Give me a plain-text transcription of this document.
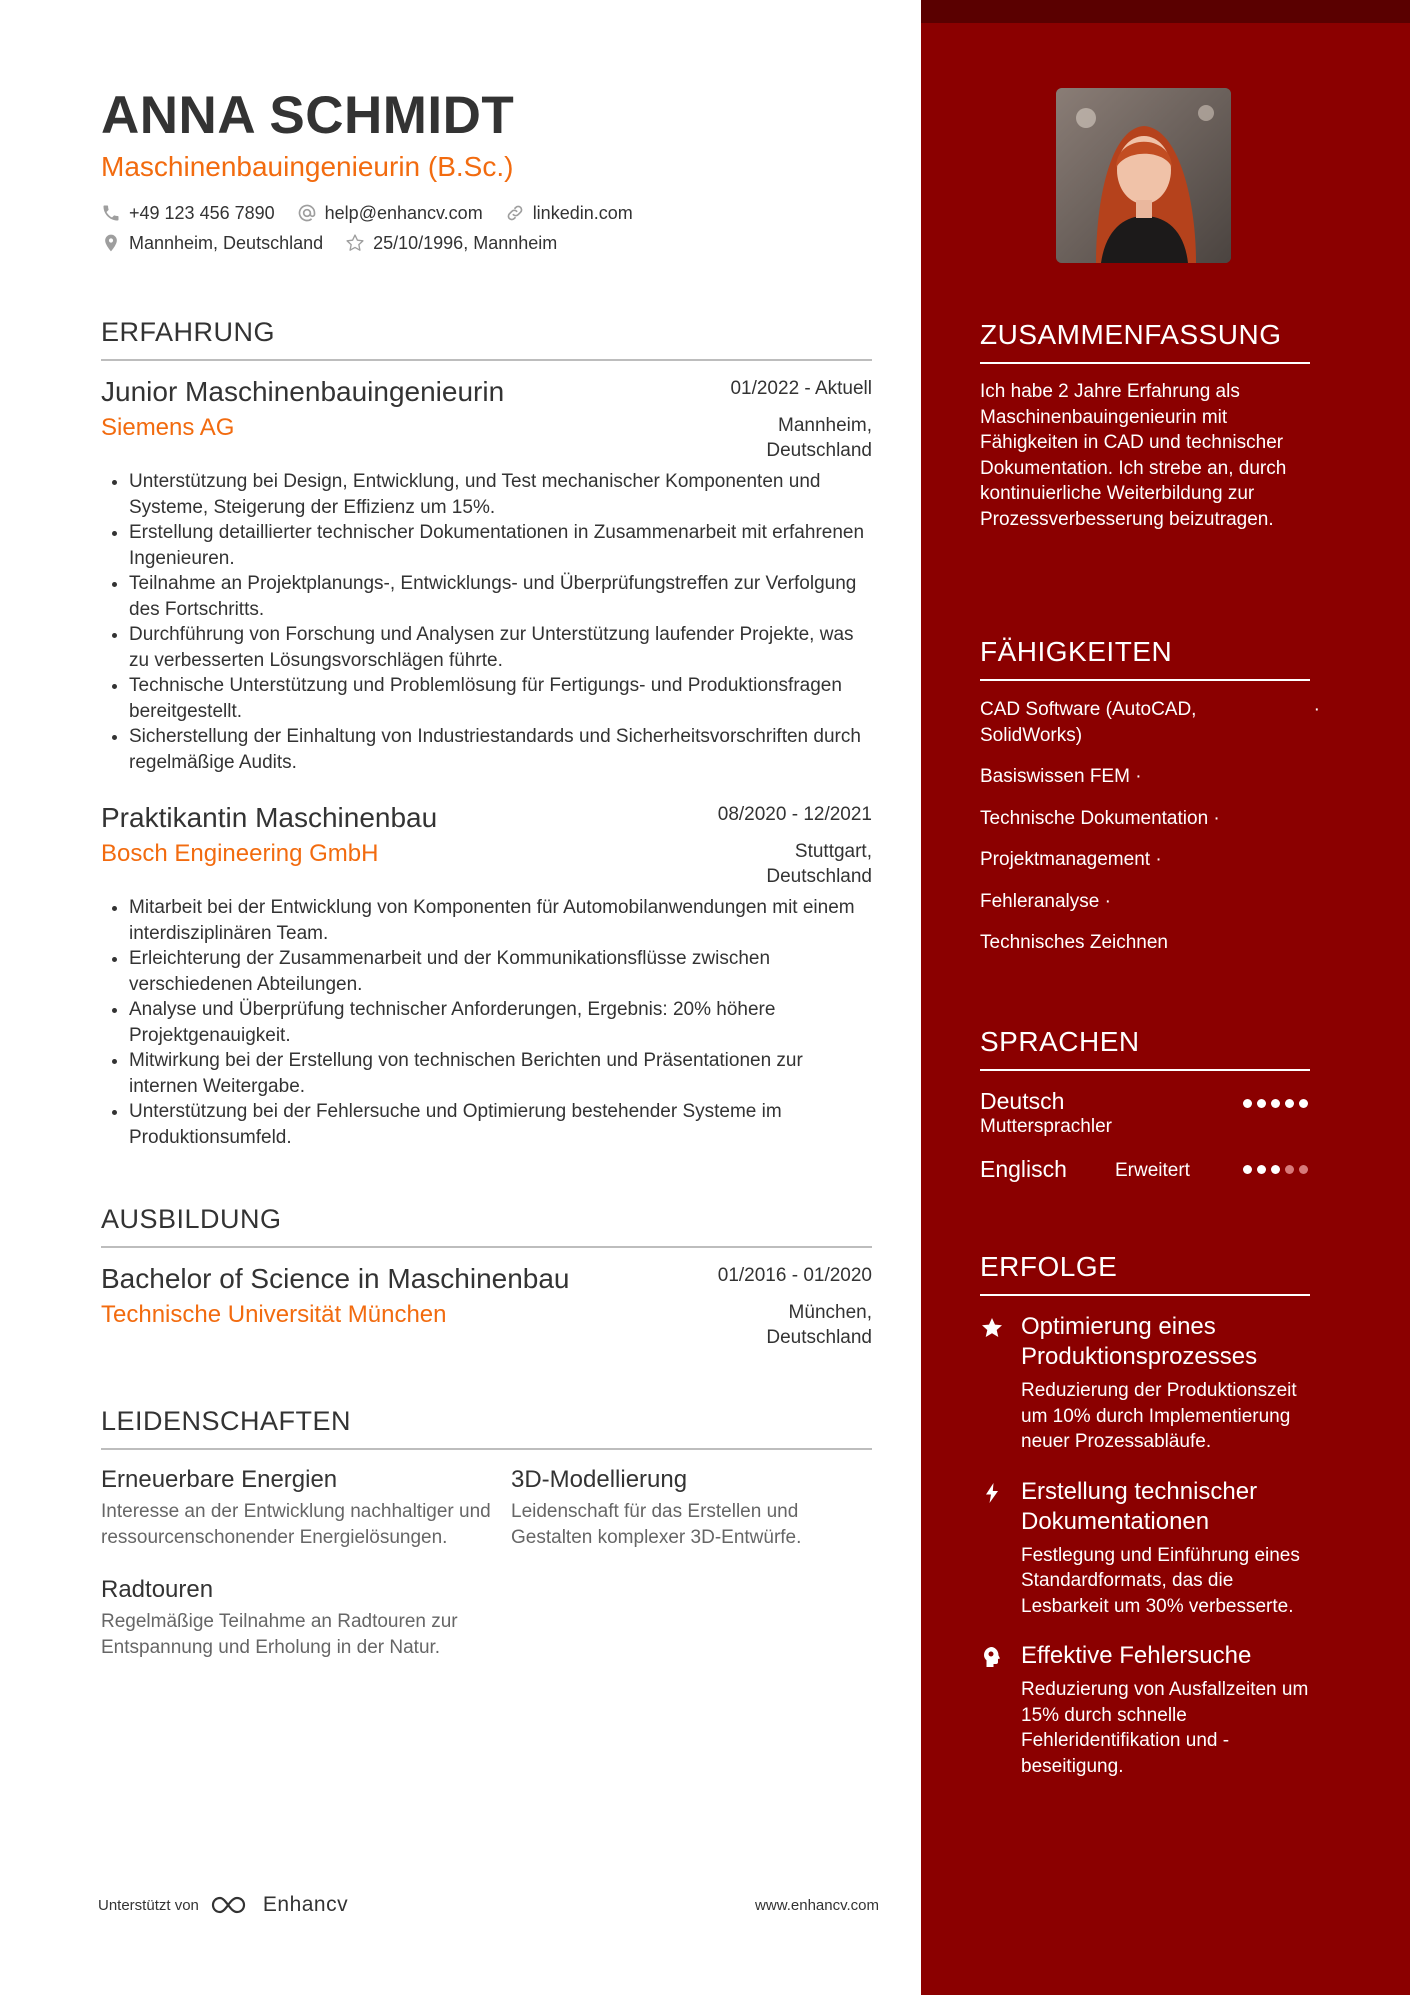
ANNA SCHMIDT
Maschinenbauingenieurin (B.Sc.)
+49 123 456 7890	help@enhancv.com	linkedin.com
Mannheim, Deutschland	25/10/1996, Mannheim
ERFAHRUNG
Junior Maschinenbauingenieurin	01/2022 - Aktuell
Siemens AG	Mannheim,
Deutschland
• Unterstützung bei Design, Entwicklung, und Test mechanischer Komponenten und Systeme, Steigerung der Effizienz um 15%.
• Erstellung detaillierter technischer Dokumentationen in Zusammenarbeit mit erfahrenen Ingenieuren.
• Teilnahme an Projektplanungs-, Entwicklungs- und Überprüfungstreffen zur Verfolgung des Fortschritts.
• Durchführung von Forschung und Analysen zur Unterstützung laufender Projekte, was zu verbesserten Lösungsvorschlägen führte.
• Technische Unterstützung und Problemlösung für Fertigungs- und Produktionsfragen bereitgestellt.
• Sicherstellung der Einhaltung von Industriestandards und Sicherheitsvorschriften durch regelmäßige Audits.
Praktikantin Maschinenbau	08/2020 - 12/2021
Bosch Engineering GmbH	Stuttgart,
Deutschland
• Mitarbeit bei der Entwicklung von Komponenten für Automobilanwendungen mit einem interdisziplinären Team.
• Erleichterung der Zusammenarbeit und der Kommunikationsflüsse zwischen verschiedenen Abteilungen.
• Analyse und Überprüfung technischer Anforderungen, Ergebnis: 20% höhere Projektgenauigkeit.
• Mitwirkung bei der Erstellung von technischen Berichten und Präsentationen zur internen Weitergabe.
• Unterstützung bei der Fehlersuche und Optimierung bestehender Systeme im Produktionsumfeld.
AUSBILDUNG
Bachelor of Science in Maschinenbau	01/2016 - 01/2020
Technische Universität München	München,
Deutschland
LEIDENSCHAFTEN
Erneuerbare Energien
Interesse an der Entwicklung nachhaltiger und ressourcenschonender Energielösungen.
3D-Modellierung
Leidenschaft für das Erstellen und Gestalten komplexer 3D-Entwürfe.
Radtouren
Regelmäßige Teilnahme an Radtouren zur Entspannung und Erholung in der Natur.
Unterstützt von	Enhancv	www.enhancv.com
ZUSAMMENFASSUNG
Ich habe 2 Jahre Erfahrung als Maschinenbauingenieurin mit Fähigkeiten in CAD und technischer Dokumentation. Ich strebe an, durch kontinuierliche Weiterbildung zur Prozessverbesserung beizutragen.
FÄHIGKEITEN
CAD Software (AutoCAD, SolidWorks)
·
Basiswissen FEM ·
Technische Dokumentation ·
Projektmanagement ·
Fehleranalyse ·
Technisches Zeichnen
SPRACHEN
Deutsch
Muttersprachler
Englisch	Erweitert
ERFOLGE
Optimierung eines Produktionsprozesses
Reduzierung der Produktionszeit um 10% durch Implementierung neuer Prozessabläufe.
Erstellung technischer Dokumentationen
Festlegung und Einführung eines Standardformats, das die Lesbarkeit um 30% verbesserte.
Effektive Fehlersuche
Reduzierung von Ausfallzeiten um 15% durch schnelle Fehleridentifikation und -beseitigung.
